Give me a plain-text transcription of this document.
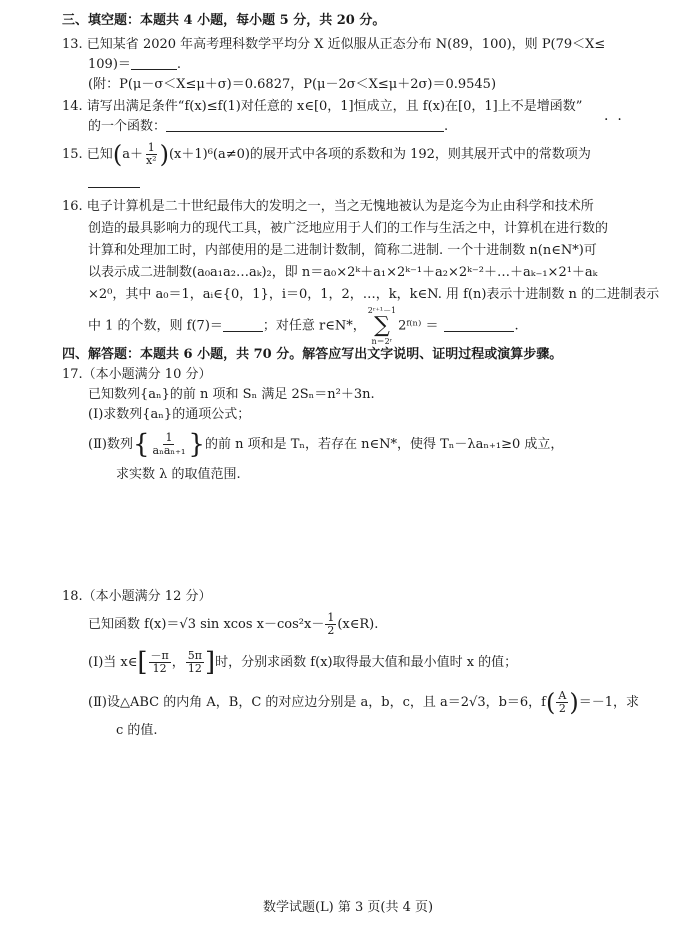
三、填空题：本题共 4 小题，每小题 5 分，共 20 分。
13. 已知某省 2020 年高考理科数学平均分 X 近似服从正态分布 N(89，100)，则 P(79＜X≤
109)＝	.
(附：P(μ－σ＜X≤μ＋σ)＝0.6827，P(μ－2σ＜X≤μ＋2σ)＝0.9545)
14. 请写出满足条件“f(x)≤f(1)对任意的 x∈[0，1]恒成立，且 f(x)在[0，1]上不是增函数”
·  ·
的一个函数：	.
15. 已知$(a+ \frac{1}{\text{x²}} )(x+1)^6(a\ne 0)$的展开式中各项的系数和为 192，则其展开式中的常数项为
16. 电子计算机是二十世纪最伟大的发明之一，当之无愧地被认为是迄今为止由科学和技术所
创造的最具影响力的现代工具，被广泛地应用于人们的工作与生活之中，计算机在进行数的
计算和处理加工时，内部使用的是二进制计数制，简称二进制. 一个十进制数 n(n∈N*)可
以表示成二进制数(a₀a₁a₂…aₖ)₂，即 n＝a₀×2ᵏ＋a₁×2ᵏ⁻¹＋a₂×2ᵏ⁻²＋…＋aₖ₋₁×2¹＋aₖ
×2⁰，其中 a₀＝1，aᵢ∈{0，1}，i＝0，1，2，…，k，k∈N. 用 f(n)表示十进制数 n 的二进制表示
中 1 的个数，则 f(7)＝	；对任意 r∈N*，
2ʳ⁺¹－1
∑
n＝2ʳ
2ᶠ⁽ⁿ⁾ ＝	.
四、解答题：本题共 6 小题，共 70 分。解答应写出文字说明、证明过程或演算步骤。
17.（本小题满分 10 分）
已知数列{aₙ}的前 n 项和 Sₙ 满足 2Sₙ＝n²＋3n.
(Ⅰ)求数列{aₙ}的通项公式；
(Ⅱ)数列{ $\frac{1}{\text{aₙaₙ₊₁}}$ }的前 n 项和是 Tₙ，若存在 n∈N*，使得 Tₙ－λaₙ₊₁≥0 成立，
求实数 λ 的取值范围.
18.（本小题满分 12 分）
已知函数 f(x)＝√3 sin xcos $x-\cos^2x- \frac{1}{2}$ (x∈R).
(Ⅰ)当 x∈[ $\frac{-\pi}{12}$ ， $\frac{5\pi}{12}$ ]时，分别求函数 f(x)取得最大值和最小值时 x 的值；
(Ⅱ)设△ABC 的内角 A，B，C 的对应边分别是 a，b，c，且 a＝2√3，b＝6，$f( \frac{A}{2} )=-1$，求
c 的值.
数学试题(L) 第 3 页(共 4 页)
